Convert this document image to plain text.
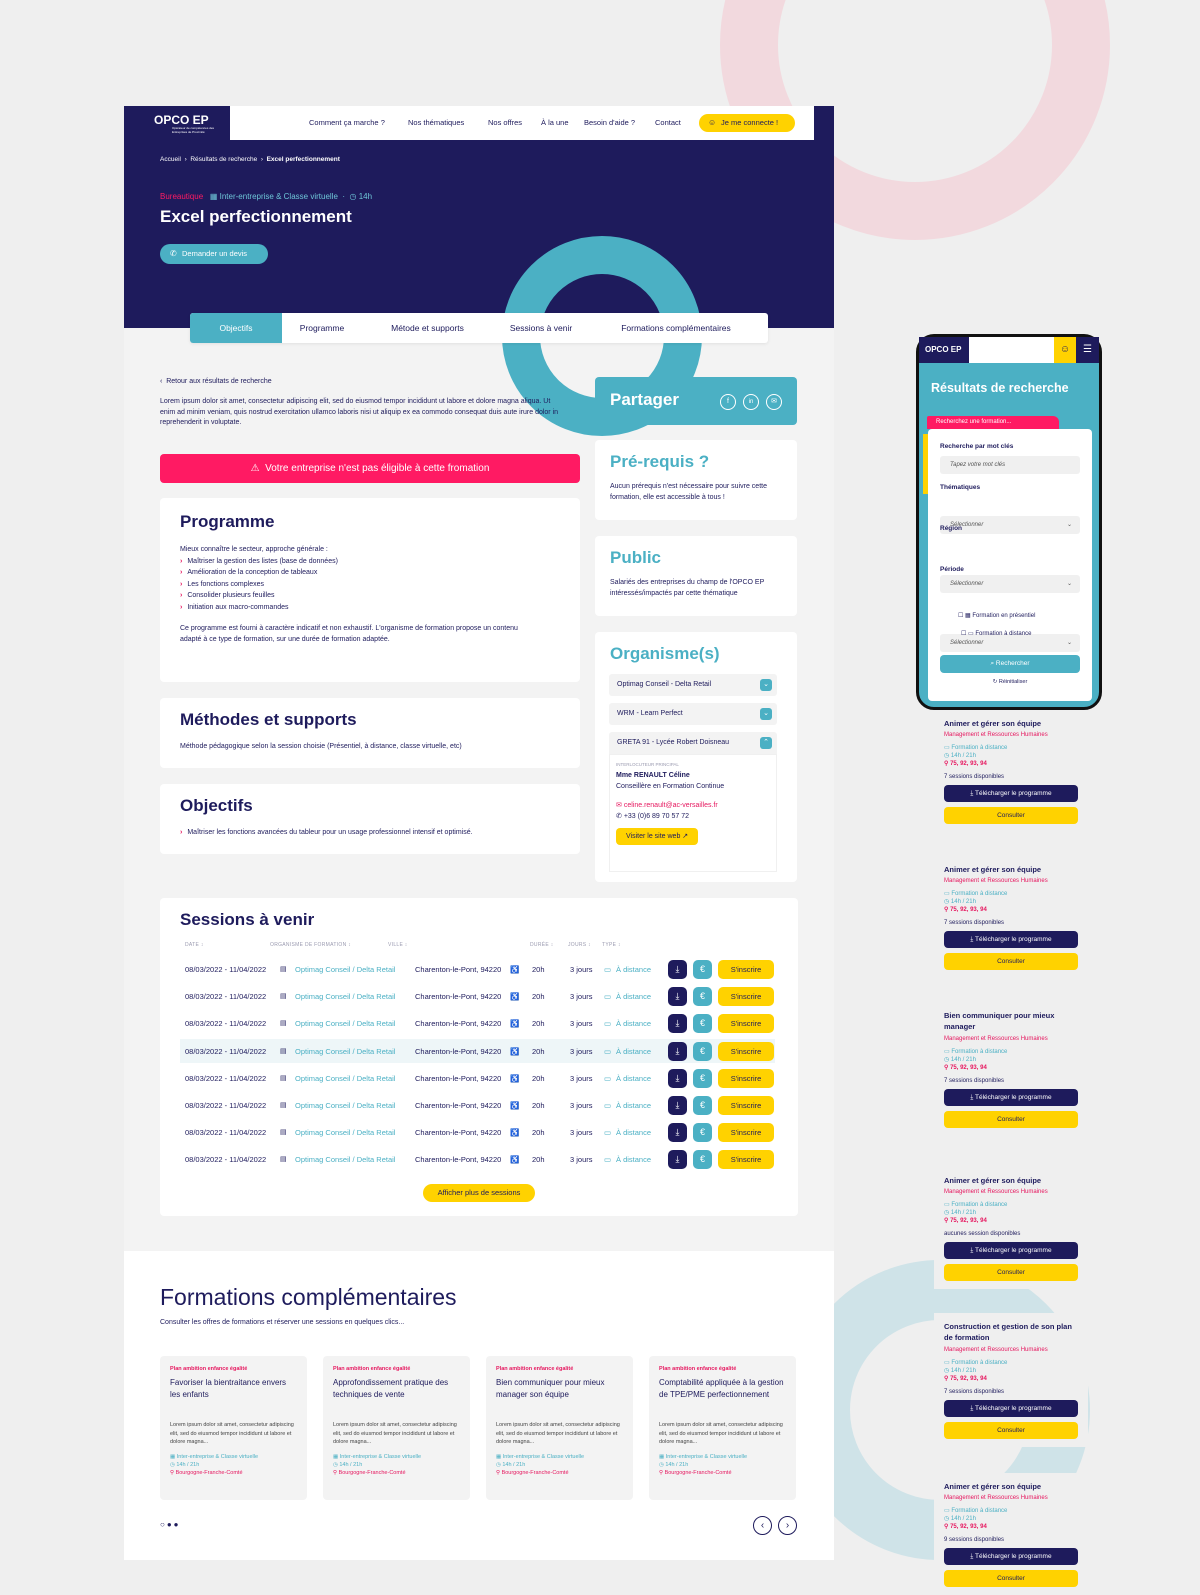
OPCO EP
Opérateur de compétences des Entreprises de Proximité
Comment ça marche ?	Nos thématiques	Nos offres	À la une Besoin d'aide ?	Contact	☺ Je me connecte !
Accueil  ›  Résultats de recherche  ›  Excel perfectionnement
Bureautique ▦ Inter-entreprise & Classe virtuelle  ·  ◷ 14h
Excel perfectionnement
✆ Demander un devis
Objectifs	Programme	Métode et supports	Sessions à venir	Formations complémentaires
‹ Retour aux résultats de recherche
Lorem ipsum dolor sit amet, consectetur adipiscing elit, sed do eiusmod tempor incididunt ut labore et dolore magna aliqua. Ut enim ad minim veniam, quis nostrud exercitation ullamco laboris nisi ut aliquip ex ea commodo consequat duis aute irure dolor in reprehenderit in voluptate.
⚠ Votre entreprise n'est pas éligible à cette fromation
Programme
Mieux connaître le secteur, approche générale :
› Maîtriser la gestion des listes (base de données)
› Amélioration de la conception de tableaux
› Les fonctions complexes
› Consolider plusieurs feuilles
› Initiation aux macro-commandes
Ce programme est fourni à caractère indicatif et non exhaustif. L'organisme de formation propose un contenu adapté à ce type de formation, sur une durée de formation adaptée.
Méthodes et supports
Méthode pédagogique selon la session choisie (Présentiel, à distance, classe virtuelle, etc)
Objectifs
› Maîtriser les fonctions avancées du tableur pour un usage professionnel intensif et optimisé.
Partager	f	in	✉
Pré-requis ?
Aucun prérequis n'est nécessaire pour suivre cette formation, elle est accessible à tous !
Public
Salariés des entreprises du champ de l'OPCO EP intéressés/impactés par cette thématique
Organisme(s)
Optimag Conseil - Delta Retail	⌄
WRM - Learn Perfect	⌄
GRETA 91 - Lycée Robert Doisneau	⌃
INTERLOCUTEUR PRINCIPAL
Mme RENAULT Céline
Conseillère en Formation Continue
✉ celine.renault@ac-versailles.fr
✆ +33 (0)6 89 70 57 72
Visiter le site web ↗
Sessions à venir
DATE ↕	ORGANISME DE FORMATION ↕	VILLE ↕	DURÉE ↕	JOURS ↕ TYPE ↕
08/03/2022 - 11/04/2022 ▤ Optimag Conseil / Delta Retail	Charenton-le-Pont, 94220 ♿ 20h	3 jours ▭ À distance	⤓	€	S'inscrire
08/03/2022 - 11/04/2022 ▤ Optimag Conseil / Delta Retail	Charenton-le-Pont, 94220 ♿ 20h	3 jours ▭ À distance	⤓	€	S'inscrire
08/03/2022 - 11/04/2022 ▤ Optimag Conseil / Delta Retail	Charenton-le-Pont, 94220 ♿ 20h	3 jours ▭ À distance	⤓	€	S'inscrire
08/03/2022 - 11/04/2022 ▤ Optimag Conseil / Delta Retail	Charenton-le-Pont, 94220 ♿ 20h	3 jours ▭ À distance	⤓	€	S'inscrire
08/03/2022 - 11/04/2022 ▤ Optimag Conseil / Delta Retail	Charenton-le-Pont, 94220 ♿ 20h	3 jours ▭ À distance	⤓	€	S'inscrire
08/03/2022 - 11/04/2022 ▤ Optimag Conseil / Delta Retail	Charenton-le-Pont, 94220 ♿ 20h	3 jours ▭ À distance	⤓	€	S'inscrire
08/03/2022 - 11/04/2022 ▤ Optimag Conseil / Delta Retail	Charenton-le-Pont, 94220 ♿ 20h	3 jours ▭ À distance	⤓	€	S'inscrire
08/03/2022 - 11/04/2022 ▤ Optimag Conseil / Delta Retail	Charenton-le-Pont, 94220 ♿ 20h	3 jours ▭ À distance	⤓	€	S'inscrire
Afficher plus de sessions
Formations complémentaires
Consulter les offres de formations et réserver une sessions en quelques clics...
Plan ambition enfance égalité
Favoriser la bientraitance envers les enfants
Lorem ipsum dolor sit amet, consectetur adipiscing elit, sed do eiusmod tempor incididunt ut labore et dolore magna...
▦ Inter-entreprise & Classe virtuelle
◷ 14h / 21h
⚲ Bourgogne-Franche-Comté
Plan ambition enfance égalité
Approfondissement pratique des techniques de vente
Lorem ipsum dolor sit amet, consectetur adipiscing elit, sed do eiusmod tempor incididunt ut labore et dolore magna...
▦ Inter-entreprise & Classe virtuelle
◷ 14h / 21h
⚲ Bourgogne-Franche-Comté
Plan ambition enfance égalité
Bien communiquer pour mieux manager son équipe
Lorem ipsum dolor sit amet, consectetur adipiscing elit, sed do eiusmod tempor incididunt ut labore et dolore magna...
▦ Inter-entreprise & Classe virtuelle
◷ 14h / 21h
⚲ Bourgogne-Franche-Comté
Plan ambition enfance égalité
Comptabilité appliquée à la gestion de TPE/PME perfectionnement
Lorem ipsum dolor sit amet, consectetur adipiscing elit, sed do eiusmod tempor incididunt ut labore et dolore magna...
▦ Inter-entreprise & Classe virtuelle
◷ 14h / 21h
⚲ Bourgogne-Franche-Comté
○●●	‹	›
Animer et gérer son équipe
Management et Ressources Humaines
▭ Formation à distance
◷ 14h / 21h
⚲ 75, 92, 93, 94
7 sessions disponibles
⤓ Télécharger le programme
Consulter
Animer et gérer son équipe
Management et Ressources Humaines
▭ Formation à distance
◷ 14h / 21h
⚲ 75, 92, 93, 94
7 sessions disponibles
⤓ Télécharger le programme
Consulter
Bien communiquer pour mieux manager
Management et Ressources Humaines
▭ Formation à distance
◷ 14h / 21h
⚲ 75, 92, 93, 94
7 sessions disponibles
⤓ Télécharger le programme
Consulter
Animer et gérer son équipe
Management et Ressources Humaines
▭ Formation à distance
◷ 14h / 21h
⚲ 75, 92, 93, 94
aucunes session disponibles
⤓ Télécharger le programme
Consulter
Construction et gestion de son plan de formation
Management et Ressources Humaines
▭ Formation à distance
◷ 14h / 21h
⚲ 75, 92, 93, 94
7 sessions disponibles
⤓ Télécharger le programme
Consulter
Animer et gérer son équipe
Management et Ressources Humaines
▭ Formation à distance
◷ 14h / 21h
⚲ 75, 92, 93, 94
9 sessions disponibles
⤓ Télécharger le programme
Consulter
OPCO EP	☺	☰
Résultats de recherche
Recherchez une formation...
Recherche par mot clés
Tapez votre mot clés
Thématiques
Sélectionner	⌄
Région
Sélectionner	⌄
Période
Sélectionner	⌄
☐ ▦ Formation en présentiel
☐ ▭ Formation à distance
⌕ Rechercher
↻ Réinitialiser
